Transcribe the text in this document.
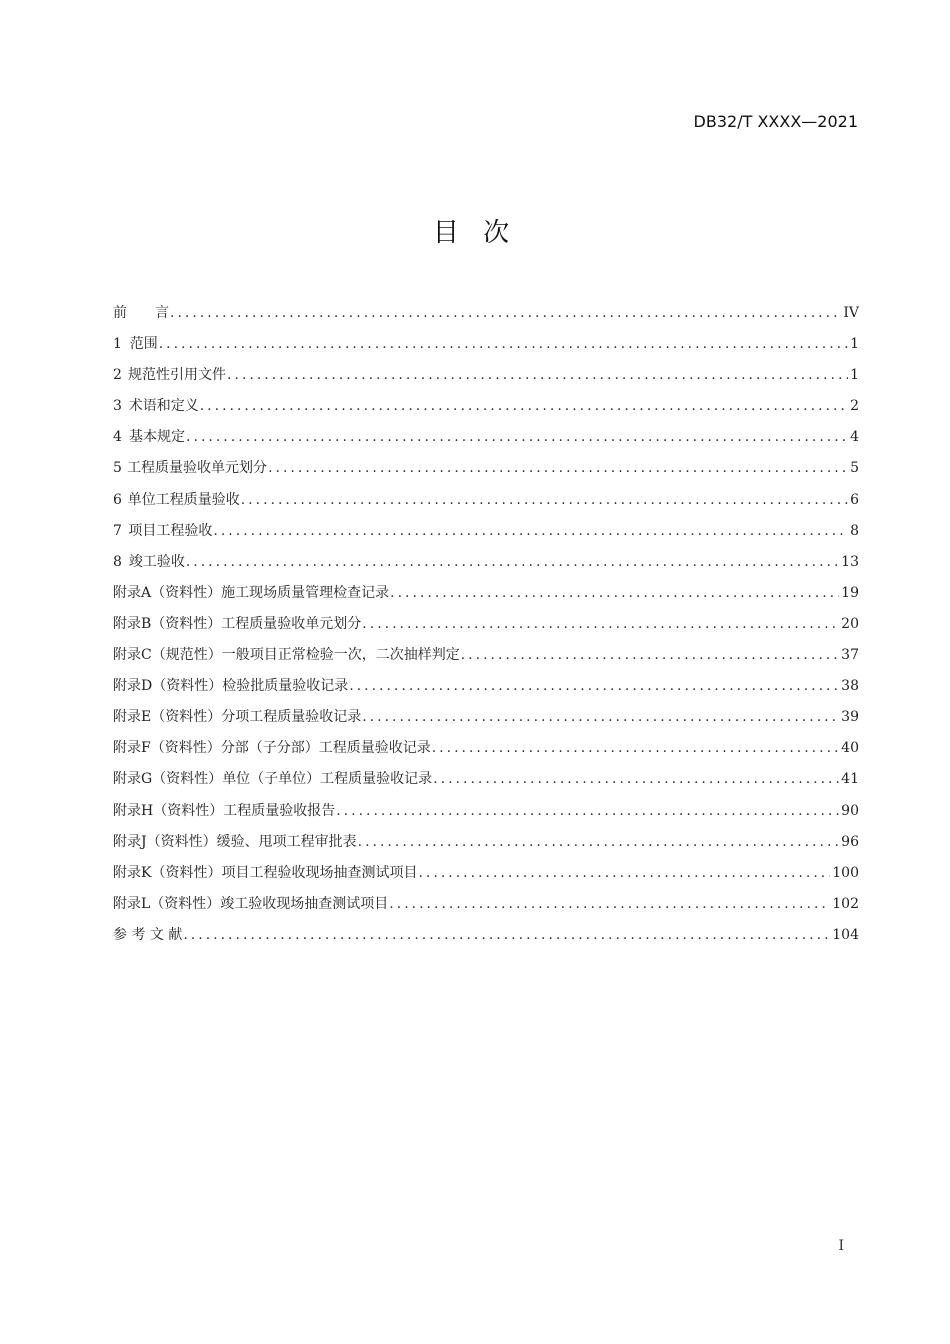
DB32/T XXXX—2021
目 次
前　　言 .....	IV
1 范围 .....	1
2 规范性引用文件 .....	1
3 术语和定义 .....	2
4 基本规定 .....	4
5 工程质量验收单元划分 .....	5
6 单位工程质量验收 .....	6
7 项目工程验收 .....	8
8 竣工验收 .....	13
附录A（资料性） 施工现场质量管理检查记录 .....	19
附录B（资料性） 工程质量验收单元划分 .....	20
附录C（规范性） 一般项目正常检验一次，二次抽样判定 .....	37
附录D（资料性） 检验批质量验收记录 .....	38
附录E（资料性） 分项工程质量验收记录 .....	39
附录F（资料性） 分部（子分部）工程质量验收记录 .....	40
附录G（资料性） 单位（子单位）工程质量验收记录 .....	41
附录H（资料性） 工程质量验收报告 .....	90
附录J（资料性） 缓验、甩项工程审批表 .....	96
附录K（资料性） 项目工程验收现场抽查测试项目 .....	100
附录L（资料性） 竣工验收现场抽查测试项目 .....	102
参 考 文 献 .....	104
I
